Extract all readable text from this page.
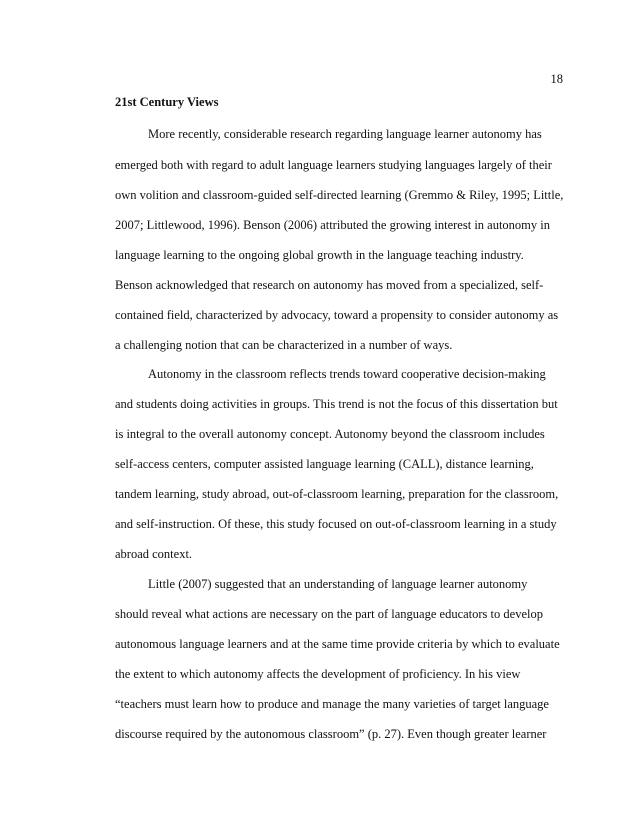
18
21st Century Views
More recently, considerable research regarding language learner autonomy has
emerged both with regard to adult language learners studying languages largely of their
own volition and classroom-guided self-directed learning (Gremmo & Riley, 1995; Little,
2007; Littlewood, 1996). Benson (2006) attributed the growing interest in autonomy in
language learning to the ongoing global growth in the language teaching industry.
Benson acknowledged that research on autonomy has moved from a specialized, self-
contained field, characterized by advocacy, toward a propensity to consider autonomy as
a challenging notion that can be characterized in a number of ways.
Autonomy in the classroom reflects trends toward cooperative decision-making
and students doing activities in groups. This trend is not the focus of this dissertation but
is integral to the overall autonomy concept. Autonomy beyond the classroom includes
self-access centers, computer assisted language learning (CALL), distance learning,
tandem learning, study abroad, out-of-classroom learning, preparation for the classroom,
and self-instruction. Of these, this study focused on out-of-classroom learning in a study
abroad context.
Little (2007) suggested that an understanding of language learner autonomy
should reveal what actions are necessary on the part of language educators to develop
autonomous language learners and at the same time provide criteria by which to evaluate
the extent to which autonomy affects the development of proficiency. In his view
“teachers must learn how to produce and manage the many varieties of target language
discourse required by the autonomous classroom” (p. 27). Even though greater learner
